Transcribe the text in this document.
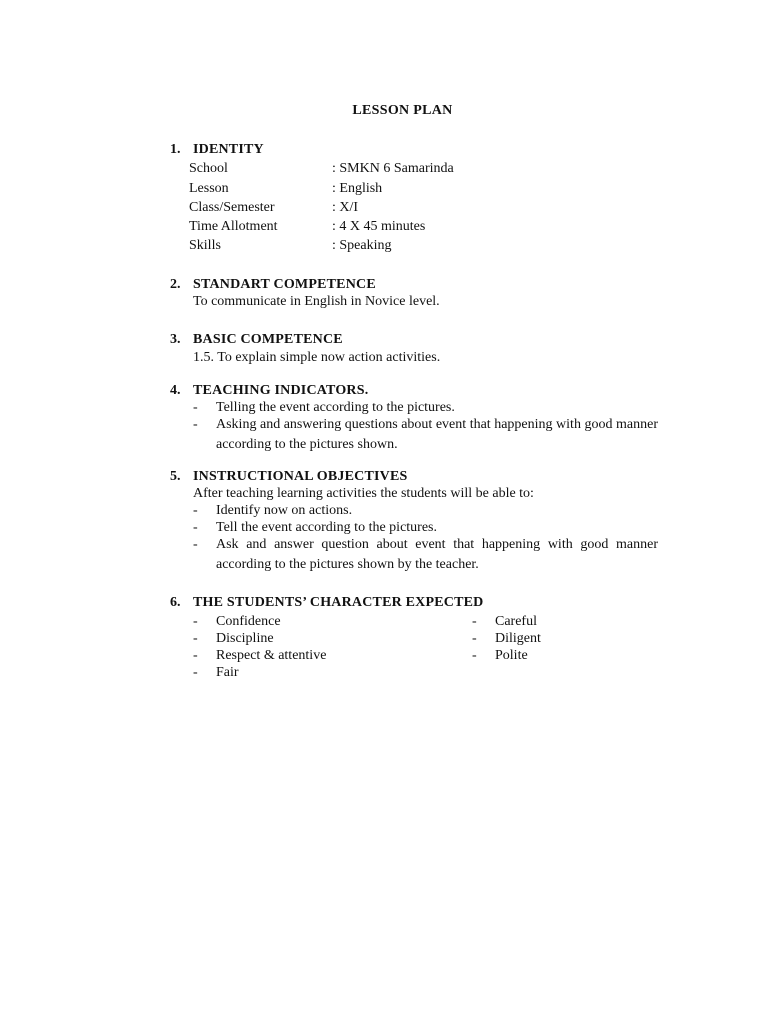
LESSON PLAN
1. IDENTITY
School	: SMKN 6 Samarinda
Lesson	: English
Class/Semester	: X/I
Time Allotment	: 4 X 45 minutes
Skills	: Speaking
2. STANDART COMPETENCE
To communicate in English in Novice level.
3. BASIC COMPETENCE
1.5. To explain simple now action activities.
4. TEACHING INDICATORS.
- Telling the event according to the pictures.
- Asking and answering questions about event that happening with good manner according to the pictures shown.
5. INSTRUCTIONAL OBJECTIVES
After teaching learning activities the students will be able to:
- Identify now on actions.
- Tell the event according to the pictures.
- Ask and answer question about event that happening with good manner according to the pictures shown by the teacher.
6. THE STUDENTS’ CHARACTER EXPECTED
- Confidence	- Careful
- Discipline	- Diligent
- Respect & attentive	- Polite
- Fair
